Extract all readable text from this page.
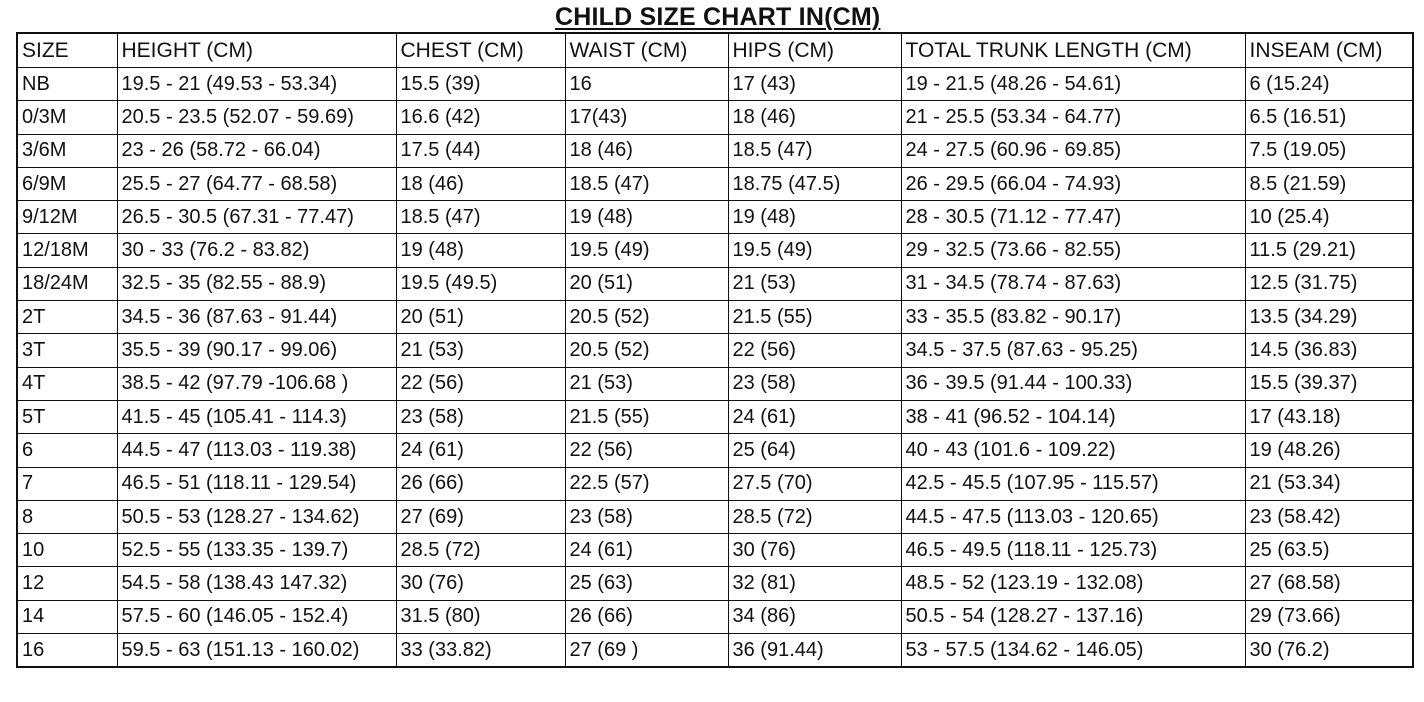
CHILD SIZE CHART IN(CM)
SIZE	HEIGHT (CM)	CHEST (CM)	WAIST (CM)	HIPS (CM)	TOTAL TRUNK LENGTH (CM)	INSEAM (CM)
NB	19.5 - 21 (49.53 - 53.34)	15.5 (39)	16	17 (43)	19 - 21.5 (48.26 - 54.61)	6 (15.24)
0/3M	20.5 - 23.5 (52.07 - 59.69)	16.6 (42)	17(43)	18 (46)	21 - 25.5 (53.34 - 64.77)	6.5 (16.51)
3/6M	23 - 26 (58.72 - 66.04)	17.5 (44)	18 (46)	18.5 (47)	24 - 27.5 (60.96 - 69.85)	7.5 (19.05)
6/9M	25.5 - 27 (64.77 - 68.58)	18 (46)	18.5 (47)	18.75 (47.5)	26 - 29.5 (66.04 - 74.93)	8.5 (21.59)
9/12M	26.5 - 30.5 (67.31 - 77.47)	18.5 (47)	19 (48)	19 (48)	28 - 30.5 (71.12 - 77.47)	10 (25.4)
12/18M	30 - 33 (76.2 - 83.82)	19 (48)	19.5 (49)	19.5 (49)	29 - 32.5 (73.66 - 82.55)	11.5 (29.21)
18/24M	32.5 - 35 (82.55 - 88.9)	19.5 (49.5)	20 (51)	21 (53)	31 - 34.5 (78.74 - 87.63)	12.5 (31.75)
2T	34.5 - 36 (87.63 - 91.44)	20 (51)	20.5 (52)	21.5 (55)	33 - 35.5 (83.82 - 90.17)	13.5 (34.29)
3T	35.5 - 39 (90.17 - 99.06)	21 (53)	20.5 (52)	22 (56)	34.5 - 37.5 (87.63 - 95.25)	14.5 (36.83)
4T	38.5 - 42 (97.79 -106.68 )	22 (56)	21 (53)	23 (58)	36 - 39.5 (91.44 - 100.33)	15.5 (39.37)
5T	41.5 - 45 (105.41 - 114.3)	23 (58)	21.5 (55)	24 (61)	38 - 41 (96.52 - 104.14)	17 (43.18)
6	44.5 - 47 (113.03 - 119.38)	24 (61)	22 (56)	25 (64)	40 - 43 (101.6 - 109.22)	19 (48.26)
7	46.5 - 51 (118.11 - 129.54)	26 (66)	22.5 (57)	27.5 (70)	42.5 - 45.5 (107.95 - 115.57)	21 (53.34)
8	50.5 - 53 (128.27 - 134.62)	27 (69)	23 (58)	28.5 (72)	44.5 - 47.5 (113.03 - 120.65)	23 (58.42)
10	52.5 - 55 (133.35 - 139.7)	28.5 (72)	24 (61)	30 (76)	46.5 - 49.5 (118.11 - 125.73)	25 (63.5)
12	54.5 - 58 (138.43 147.32)	30 (76)	25 (63)	32 (81)	48.5 - 52 (123.19 - 132.08)	27 (68.58)
14	57.5 - 60 (146.05 - 152.4)	31.5 (80)	26 (66)	34 (86)	50.5 - 54 (128.27 - 137.16)	29 (73.66)
16	59.5 - 63 (151.13 - 160.02)	33 (33.82)	27 (69 )	36 (91.44)	53 - 57.5 (134.62 - 146.05)	30 (76.2)
